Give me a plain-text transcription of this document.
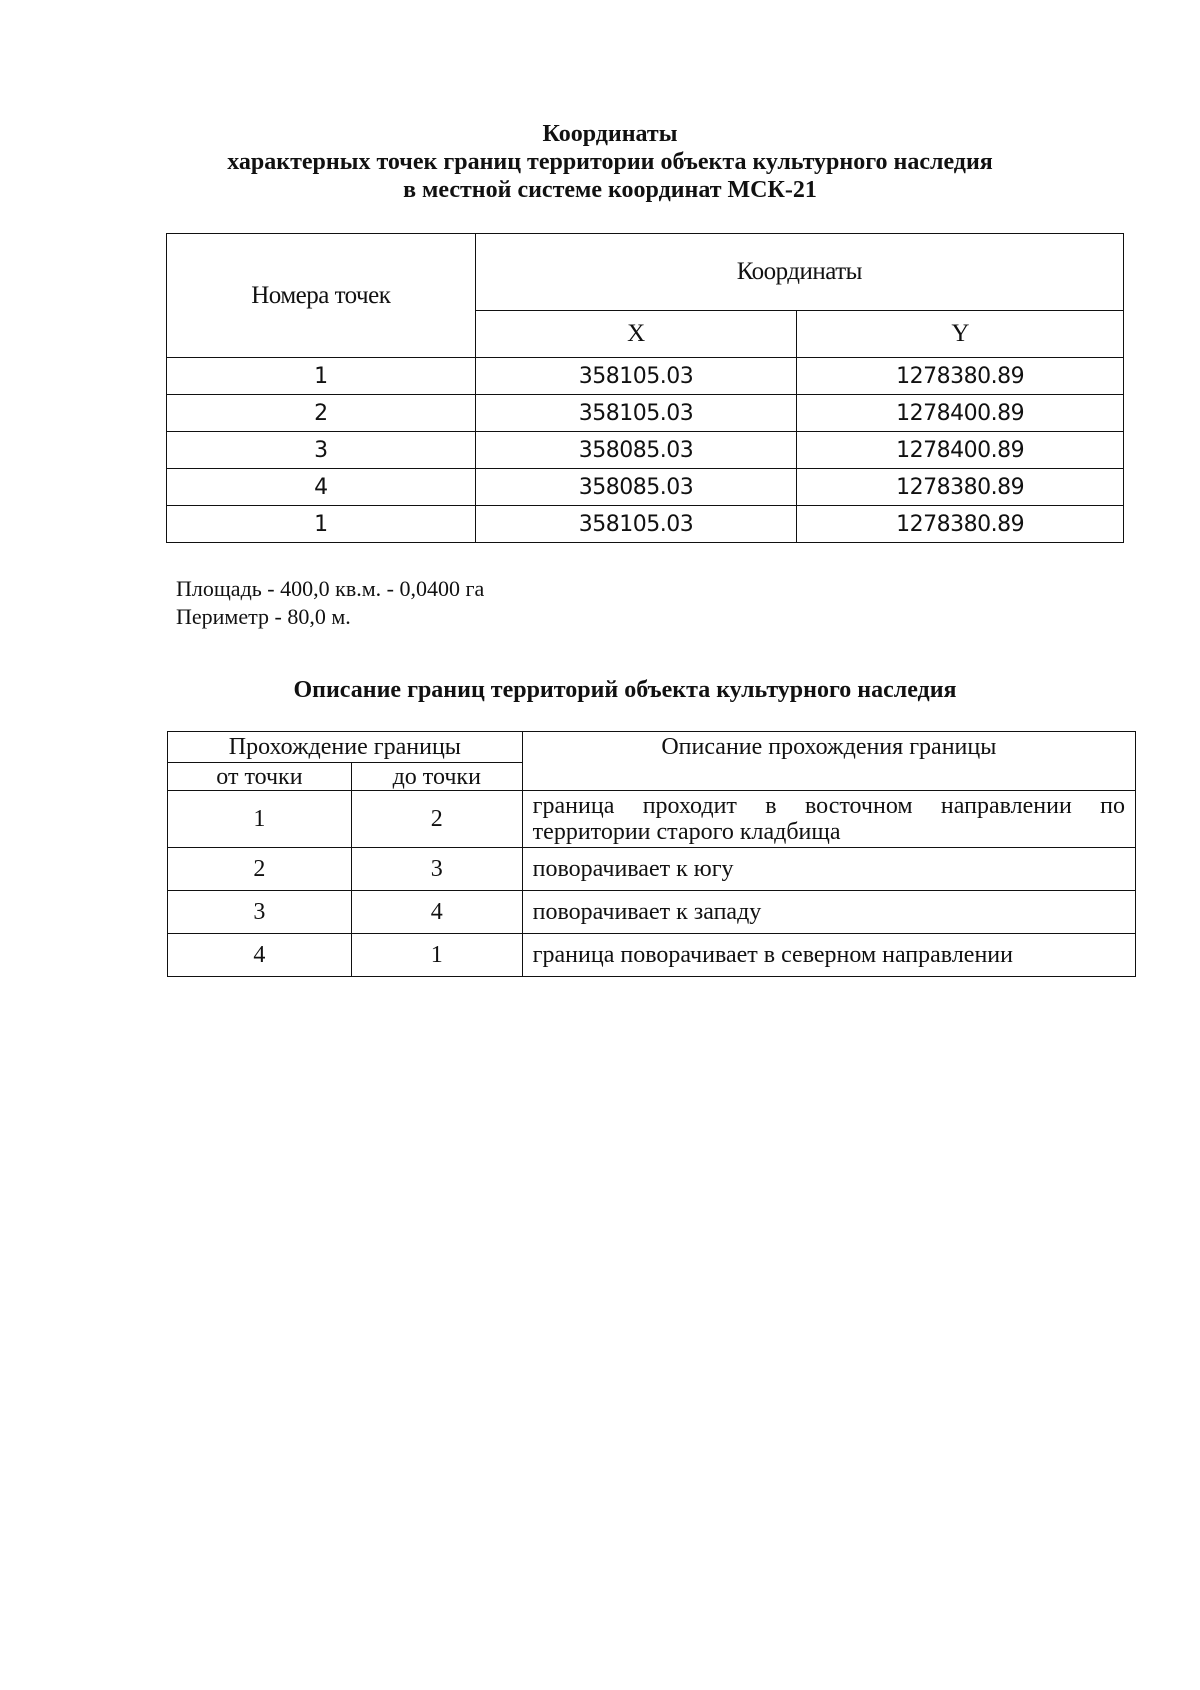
Координаты
характерных точек границ территории объекта культурного наследия
в местной системе координат МСК-21
Номера точек	Координаты	
	X	Y
1	358105.03	1278380.89
2	358105.03	1278400.89
3	358085.03	1278400.89
4	358085.03	1278380.89
1	358105.03	1278380.89
Площадь - 400,0 кв.м. - 0,0400 га
Периметр - 80,0 м.
Описание границ территорий объекта культурного наследия
Прохождение границы		Описание прохождения границы
от точки	до точки	
1	2	граница проходит в восточном направлении по территории старого кладбища
2	3	поворачивает к югу
3	4	поворачивает к западу
4	1	граница поворачивает в северном направлении
